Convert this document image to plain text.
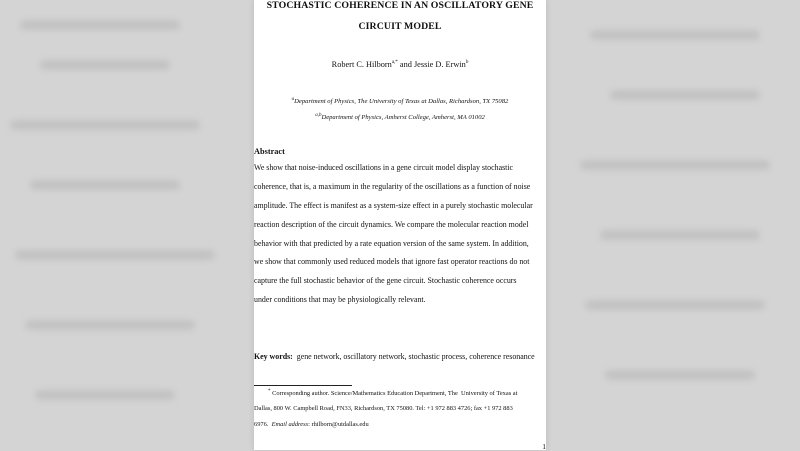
STOCHASTIC COHERENCE IN AN OSCILLATORY GENE
CIRCUIT MODEL
Robert C. Hilborn$^{a,*}$ and Jessie D. Erwin$^b$
$^a$Department of Physics, The University of Texas at Dallas, Richardson, TX 75082
$^{a,b}$Department of Physics, Amherst College, Amherst, MA 01002
Abstract
We show that noise-induced oscillations in a gene circuit model display stochastic
coherence, that is, a maximum in the regularity of the oscillations as a function of noise
amplitude. The effect is manifest as a system-size effect in a purely stochastic molecular
reaction description of the circuit dynamics. We compare the molecular reaction model
behavior with that predicted by a rate equation version of the same system. In addition,
we show that commonly used reduced models that ignore fast operator reactions do not
capture the full stochastic behavior of the gene circuit. Stochastic coherence occurs
under conditions that may be physiologically relevant.
Key words:  gene network, oscillatory network, stochastic process, coherence resonance
* Corresponding author. Science/Mathematics Education Department, The  University of Texas at
Dallas, 800 W. Campbell Road, FN33, Richardson, TX 75080. Tel: +1 972 883 4726; fax +1 972 883
6976.  Email address: rhilborn@utdallas.edu
1
